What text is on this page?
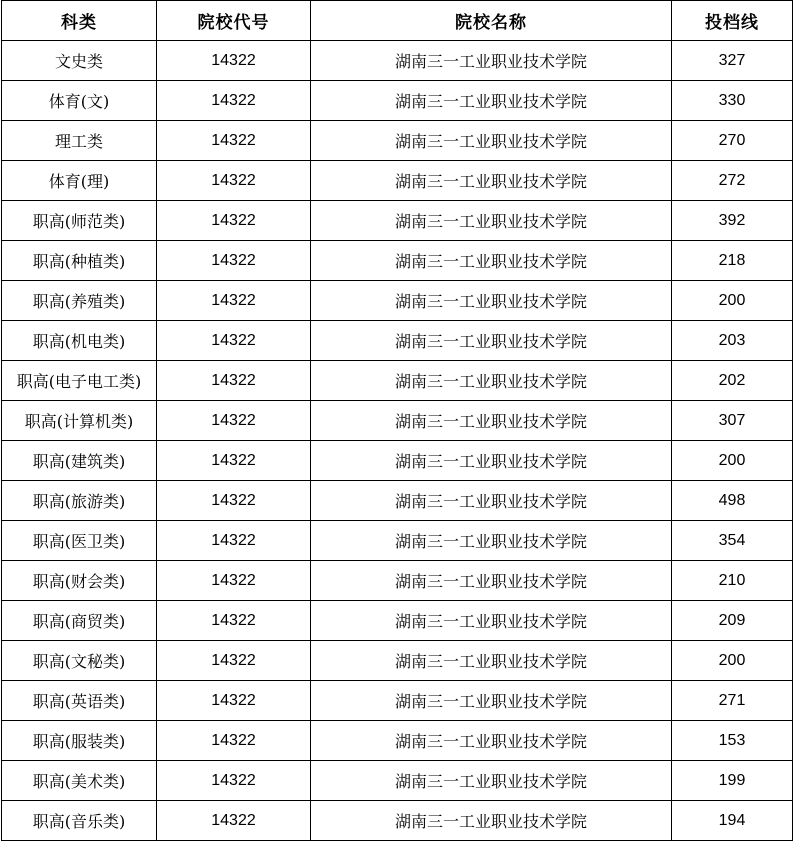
科类	院校代号	院校名称	投档线
文史类	14322	湖南三一工业职业技术学院	327
体育(文)	14322	湖南三一工业职业技术学院	330
理工类	14322	湖南三一工业职业技术学院	270
体育(理)	14322	湖南三一工业职业技术学院	272
职高(师范类)	14322	湖南三一工业职业技术学院	392
职高(种植类)	14322	湖南三一工业职业技术学院	218
职高(养殖类)	14322	湖南三一工业职业技术学院	200
职高(机电类)	14322	湖南三一工业职业技术学院	203
职高(电子电工类)	14322	湖南三一工业职业技术学院	202
职高(计算机类)	14322	湖南三一工业职业技术学院	307
职高(建筑类)	14322	湖南三一工业职业技术学院	200
职高(旅游类)	14322	湖南三一工业职业技术学院	498
职高(医卫类)	14322	湖南三一工业职业技术学院	354
职高(财会类)	14322	湖南三一工业职业技术学院	210
职高(商贸类)	14322	湖南三一工业职业技术学院	209
职高(文秘类)	14322	湖南三一工业职业技术学院	200
职高(英语类)	14322	湖南三一工业职业技术学院	271
职高(服装类)	14322	湖南三一工业职业技术学院	153
职高(美术类)	14322	湖南三一工业职业技术学院	199
职高(音乐类)	14322	湖南三一工业职业技术学院	194
